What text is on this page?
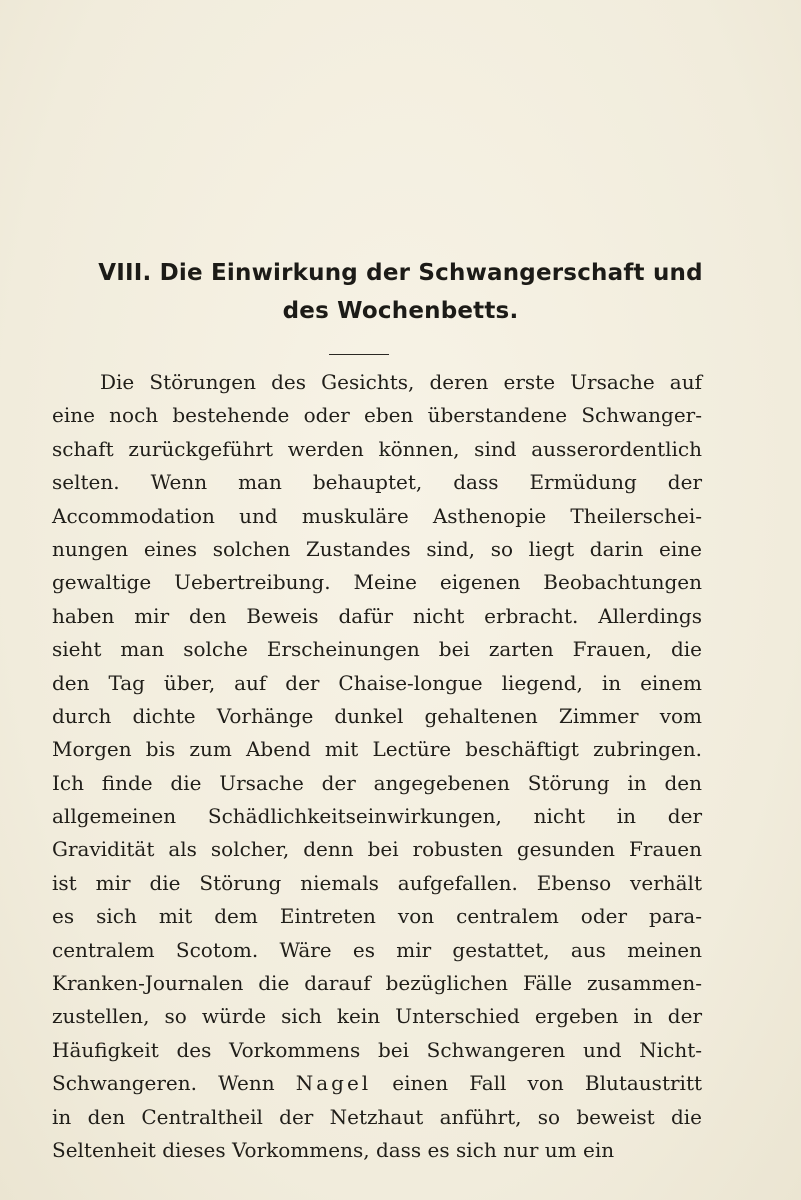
VIII. Die Einwirkung der Schwangerschaft und
des Wochenbetts.
Die Störungen des Gesichts, deren erste Ursache auf
eine noch bestehende oder eben überstandene Schwanger-
schaft zurückgeführt werden können, sind ausserordentlich
selten. Wenn man behauptet, dass Ermüdung der
Accommodation und muskuläre Asthenopie Theilerschei-
nungen eines solchen Zustandes sind, so liegt darin eine
gewaltige Uebertreibung. Meine eigenen Beobachtungen
haben mir den Beweis dafür nicht erbracht. Allerdings
sieht man solche Erscheinungen bei zarten Frauen, die
den Tag über, auf der Chaise-longue liegend, in einem
durch dichte Vorhänge dunkel gehaltenen Zimmer vom
Morgen bis zum Abend mit Lectüre beschäftigt zubringen.
Ich finde die Ursache der angegebenen Störung in den
allgemeinen Schädlichkeitseinwirkungen, nicht in der
Gravidität als solcher, denn bei robusten gesunden Frauen
ist mir die Störung niemals aufgefallen. Ebenso verhält
es sich mit dem Eintreten von centralem oder para-
centralem Scotom. Wäre es mir gestattet, aus meinen
Kranken-Journalen die darauf bezüglichen Fälle zusammen-
zustellen, so würde sich kein Unterschied ergeben in der
Häufigkeit des Vorkommens bei Schwangeren und Nicht-
Schwangeren. Wenn Nagel einen Fall von Blutaustritt
in den Centraltheil der Netzhaut anführt, so beweist die
Seltenheit dieses Vorkommens, dass es sich nur um ein
